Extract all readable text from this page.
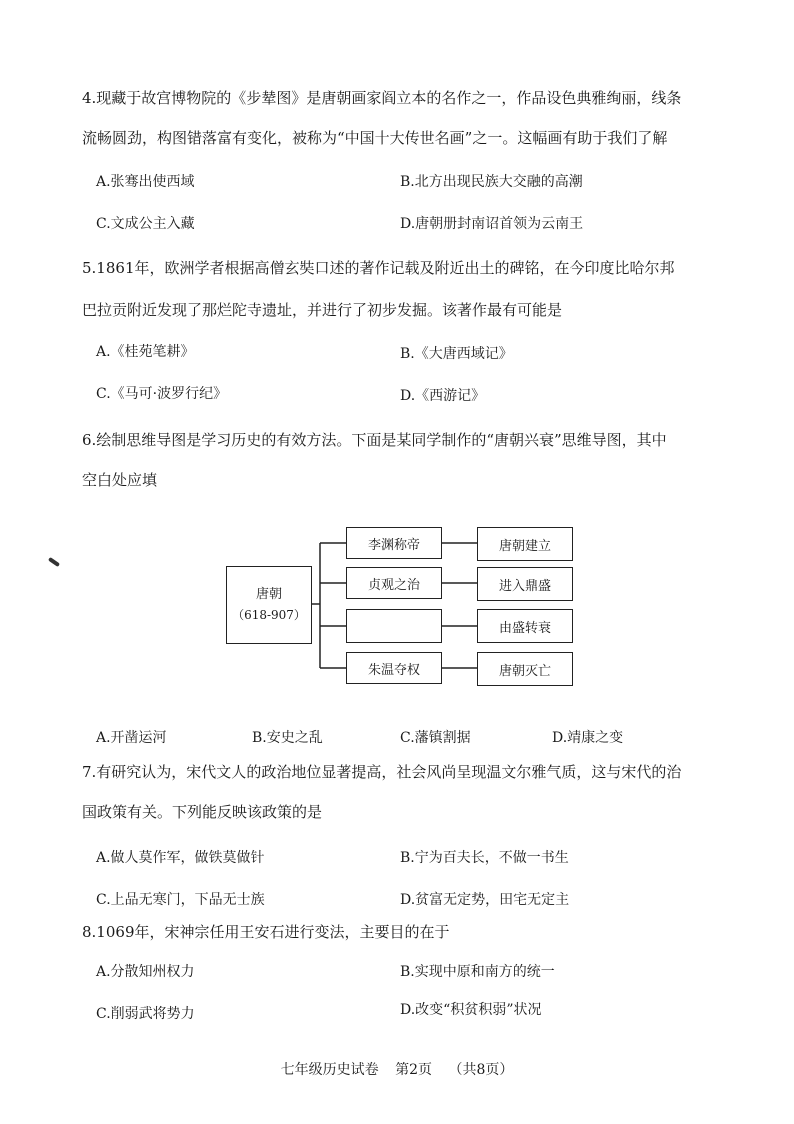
4.现藏于故宫博物院的《步辇图》是唐朝画家阎立本的名作之一，作品设色典雅绚丽，线条
流畅圆劲，构图错落富有变化，被称为“中国十大传世名画”之一。这幅画有助于我们了解
A.张骞出使西域	B.北方出现民族大交融的高潮
C.文成公主入藏	D.唐朝册封南诏首领为云南王
5.1861年，欧洲学者根据高僧玄奘口述的著作记载及附近出土的碑铭，在今印度比哈尔邦
巴拉贡附近发现了那烂陀寺遗址，并进行了初步发掘。该著作最有可能是
A.《桂苑笔耕》	B.《大唐西域记》
C.《马可·波罗行纪》	D.《西游记》
6.绘制思维导图是学习历史的有效方法。下面是某同学制作的“唐朝兴衰”思维导图，其中
空白处应填
唐朝
（618-907）
李渊称帝
贞观之治
朱温夺权
唐朝建立
进入鼎盛
由盛转衰
唐朝灭亡
A.开凿运河	B.安史之乱	C.藩镇割据	D.靖康之变
7.有研究认为，宋代文人的政治地位显著提高，社会风尚呈现温文尔雅气质，这与宋代的治
国政策有关。下列能反映该政策的是
A.做人莫作军，做铁莫做针	B.宁为百夫长，不做一书生
C.上品无寒门，下品无士族	D.贫富无定势，田宅无定主
8.1069年，宋神宗任用王安石进行变法，主要目的在于
A.分散知州权力	B.实现中原和南方的统一
C.削弱武将势力	D.改变“积贫积弱”状况
七年级历史试卷 第2页 （共8页）
